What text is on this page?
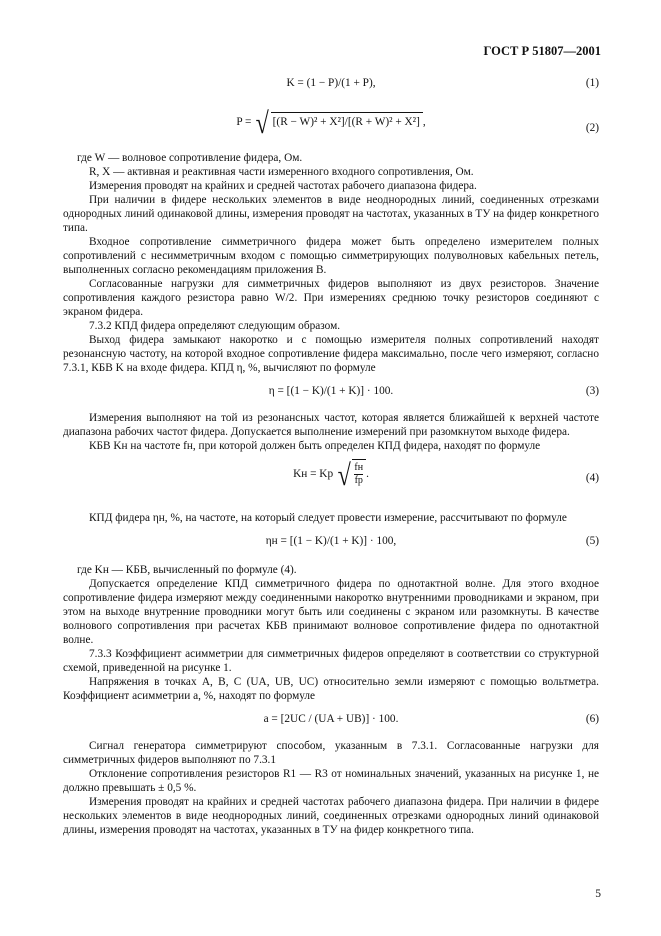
ГОСТ Р 51807—2001
K = (1 − P)/(1 + P),	(1)
P = √ [(R − W)² + X²]/[(R + W)² + X²] ,	(2)

где W — волновое сопротивление фидера, Ом.

R, X — активная и реактивная части измеренного входного сопротивления, Ом.

Измерения проводят на крайних и средней частотах рабочего диапазона фидера.

При наличии в фидере нескольких элементов в виде неоднородных линий, соединенных отрезками однородных линий одинаковой длины, измерения проводят на частотах, указанных в ТУ на фидер конкретного типа.

Входное сопротивление симметричного фидера может быть определено измерителем полных сопротивлений с несимметричным входом с помощью симметрирующих полуволновых кабельных петель, выполненных согласно рекомендациям приложения В.

Согласованные нагрузки для симметричных фидеров выполняют из двух резисторов. Значение сопротивления каждого резистора равно W/2. При измерениях среднюю точку резисторов соединяют с экраном фидера.

7.3.2 КПД фидера определяют следующим образом.

Выход фидера замыкают накоротко и с помощью измерителя полных сопротивлений находят резонансную частоту, на которой входное сопротивление фидера максимально, после чего измеряют, согласно 7.3.1, КБВ K на входе фидера. КПД η, %, вычисляют по формуле

η = [(1 − K)/(1 + K)] · 100.	(3)

Измерения выполняют на той из резонансных частот, которая является ближайшей к верхней частоте диапазона рабочих частот фидера. Допускается выполнение измерений при разомкнутом выходе фидера.

КБВ Kн на частоте fн, при которой должен быть определен КПД фидера, находят по формуле

Kн = Kр √ $\frac{fн}{fр}$ .	(4)

КПД фидера ηн, %, на частоте, на который следует провести измерение, рассчитывают по формуле

ηн = [(1 − K)/(1 + K)] · 100,	(5)

где Kн — КБВ, вычисленный по формуле (4).

Допускается определение КПД симметричного фидера по однотактной волне. Для этого входное сопротивление фидера измеряют между соединенными накоротко внутренними проводниками и экраном, при этом на выходе внутренние проводники могут быть или соединены с экраном или разомкнуты. В качестве волнового сопротивления при расчетах КБВ принимают волновое сопротивление фидера по однотактной волне.

7.3.3 Коэффициент асимметрии для симметричных фидеров определяют в соответствии со структурной схемой, приведенной на рисунке 1.

Напряжения в точках A, B, C (UA, UB, UC) относительно земли измеряют с помощью вольтметра. Коэффициент асимметрии a, %, находят по формуле

a = [2UC / (UA + UB)] · 100.	(6)

Сигнал генератора симметрируют способом, указанным в 7.3.1. Согласованные нагрузки для симметричных фидеров выполняют по 7.3.1

Отклонение сопротивления резисторов R1 — R3 от номинальных значений, указанных на рисунке 1, не должно превышать ± 0,5 %.

Измерения проводят на крайних и средней частотах рабочего диапазона фидера. При наличии в фидере нескольких элементов в виде неоднородных линий, соединенных отрезками однородных линий одинаковой длины, измерения проводят на частотах, указанных в ТУ на фидер конкретного типа.

5
